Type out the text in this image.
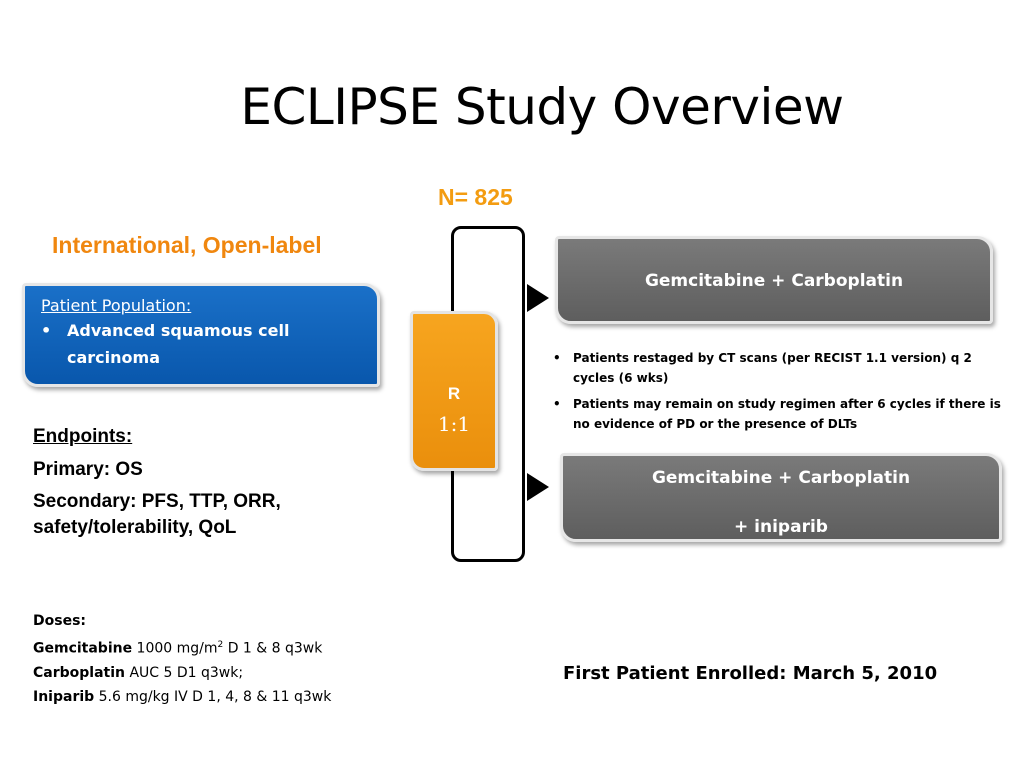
ECLIPSE Study Overview
N= 825
International, Open-label
Patient Population:
• Advanced squamous cell
carcinoma
Endpoints:
Primary: OS
Secondary: PFS, TTP, ORR,
safety/tolerability, QoL
Doses:
Gemcitabine 1000 $mg/m^2$ D 1 & 8 q3wk
Carboplatin AUC 5 D1 q3wk;
Iniparib 5.6 mg/kg IV D 1, 4, 8 & 11 q3wk
R
1:1
Gemcitabine + Carboplatin
•	Patients restaged by CT scans (per RECIST 1.1 version) q 2 cycles (6 wks)
•	Patients may remain on study regimen after 6 cycles if there is no evidence of PD or the presence of DLTs
Gemcitabine + Carboplatin
+ iniparib
First Patient Enrolled: March 5, 2010
